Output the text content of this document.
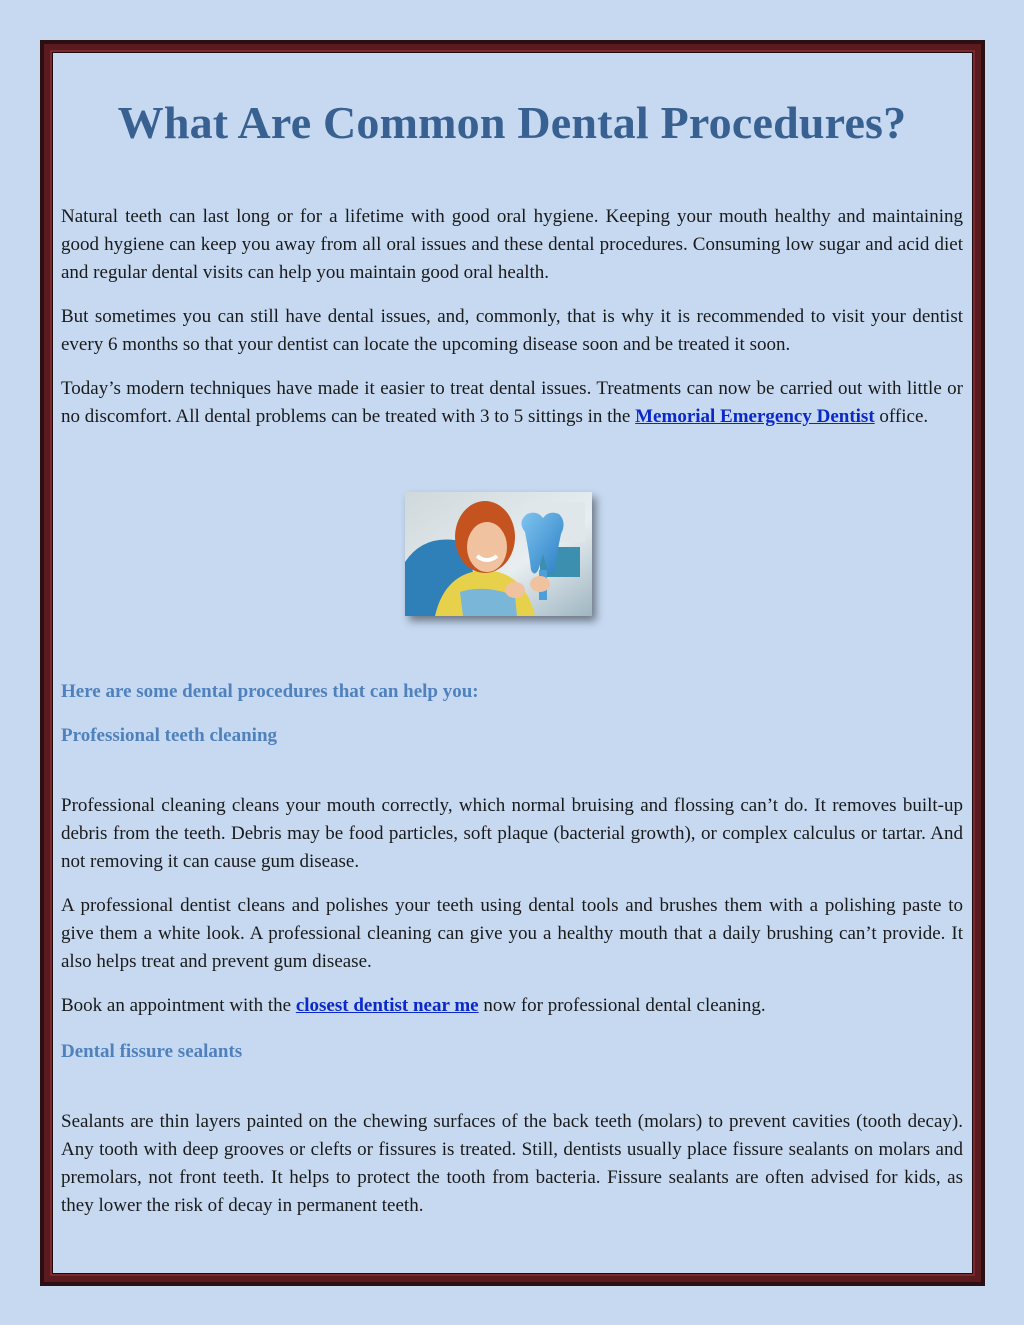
What Are Common Dental Procedures?

Natural teeth can last long or for a lifetime with good oral hygiene. Keeping your mouth healthy and maintaining good hygiene can keep you away from all oral issues and these dental procedures. Consuming low sugar and acid diet and regular dental visits can help you maintain good oral health.

But sometimes you can still have dental issues, and, commonly, that is why it is recommended to visit your dentist every 6 months so that your dentist can locate the upcoming disease soon and be treated it soon.

Today’s modern techniques have made it easier to treat dental issues. Treatments can now be carried out with little or no discomfort. All dental problems can be treated with 3 to 5 sittings in the Memorial Emergency Dentist office.

Here are some dental procedures that can help you:

Professional teeth cleaning

Professional cleaning cleans your mouth correctly, which normal bruising and flossing can’t do. It removes built-up debris from the teeth. Debris may be food particles, soft plaque (bacterial growth), or complex calculus or tartar. And not removing it can cause gum disease.

A professional dentist cleans and polishes your teeth using dental tools and brushes them with a polishing paste to give them a white look. A professional cleaning can give you a healthy mouth that a daily brushing can’t provide. It also helps treat and prevent gum disease.

Book an appointment with the closest dentist near me now for professional dental cleaning.

Dental fissure sealants

Sealants are thin layers painted on the chewing surfaces of the back teeth (molars) to prevent cavities (tooth decay). Any tooth with deep grooves or clefts or fissures is treated. Still, dentists usually place fissure sealants on molars and premolars, not front teeth. It helps to protect the tooth from bacteria. Fissure sealants are often advised for kids, as they lower the risk of decay in permanent teeth.
